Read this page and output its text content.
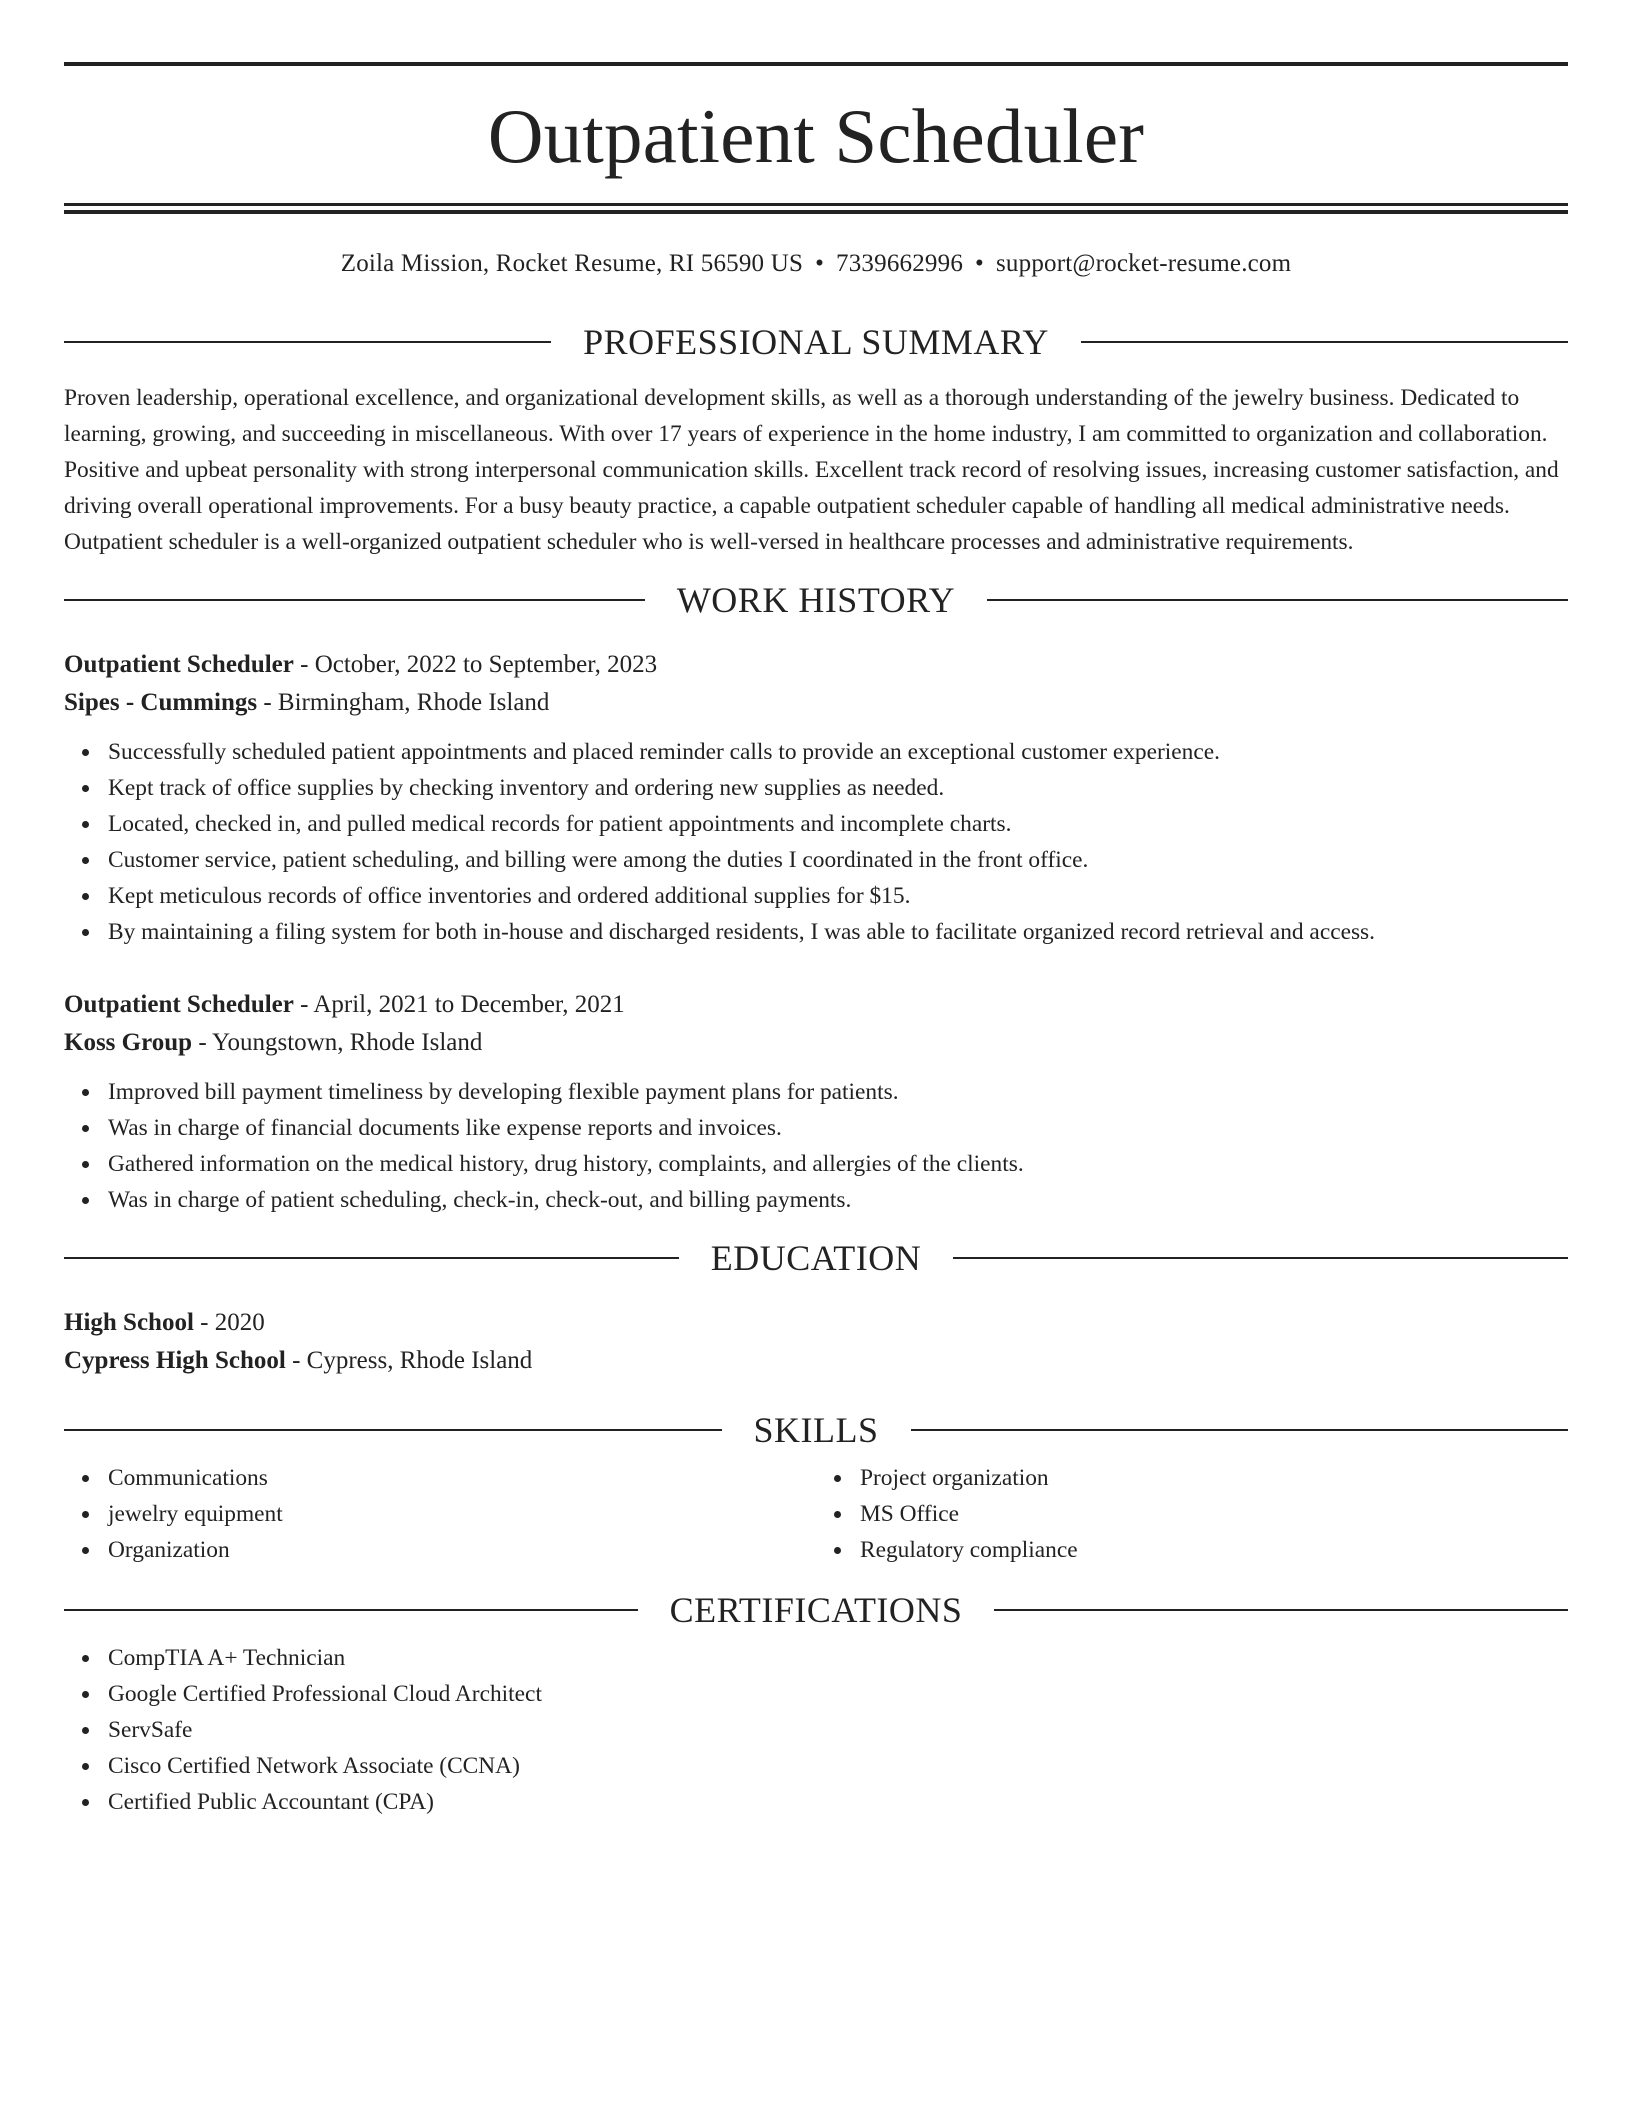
Outpatient Scheduler
Zoila Mission, Rocket Resume, RI 56590 US • 7339662996 • support@rocket-resume.com
PROFESSIONAL SUMMARY
Proven leadership, operational excellence, and organizational development skills, as well as a thorough understanding of the jewelry business. Dedicated to learning, growing, and succeeding in miscellaneous. With over 17 years of experience in the home industry, I am committed to organization and collaboration. Positive and upbeat personality with strong interpersonal communication skills. Excellent track record of resolving issues, increasing customer satisfaction, and driving overall operational improvements. For a busy beauty practice, a capable outpatient scheduler capable of handling all medical administrative needs. Outpatient scheduler is a well-organized outpatient scheduler who is well-versed in healthcare processes and administrative requirements.
WORK HISTORY
Outpatient Scheduler - October, 2022 to September, 2023
Sipes - Cummings - Birmingham, Rhode Island
Successfully scheduled patient appointments and placed reminder calls to provide an exceptional customer experience.
Kept track of office supplies by checking inventory and ordering new supplies as needed.
Located, checked in, and pulled medical records for patient appointments and incomplete charts.
Customer service, patient scheduling, and billing were among the duties I coordinated in the front office.
Kept meticulous records of office inventories and ordered additional supplies for $15.
By maintaining a filing system for both in-house and discharged residents, I was able to facilitate organized record retrieval and access.
Outpatient Scheduler - April, 2021 to December, 2021
Koss Group - Youngstown, Rhode Island
Improved bill payment timeliness by developing flexible payment plans for patients.
Was in charge of financial documents like expense reports and invoices.
Gathered information on the medical history, drug history, complaints, and allergies of the clients.
Was in charge of patient scheduling, check-in, check-out, and billing payments.
EDUCATION
High School - 2020
Cypress High School - Cypress, Rhode Island
SKILLS
Communications
jewelry equipment
Organization
Project organization
MS Office
Regulatory compliance
CERTIFICATIONS
CompTIA A+ Technician
Google Certified Professional Cloud Architect
ServSafe
Cisco Certified Network Associate (CCNA)
Certified Public Accountant (CPA)
